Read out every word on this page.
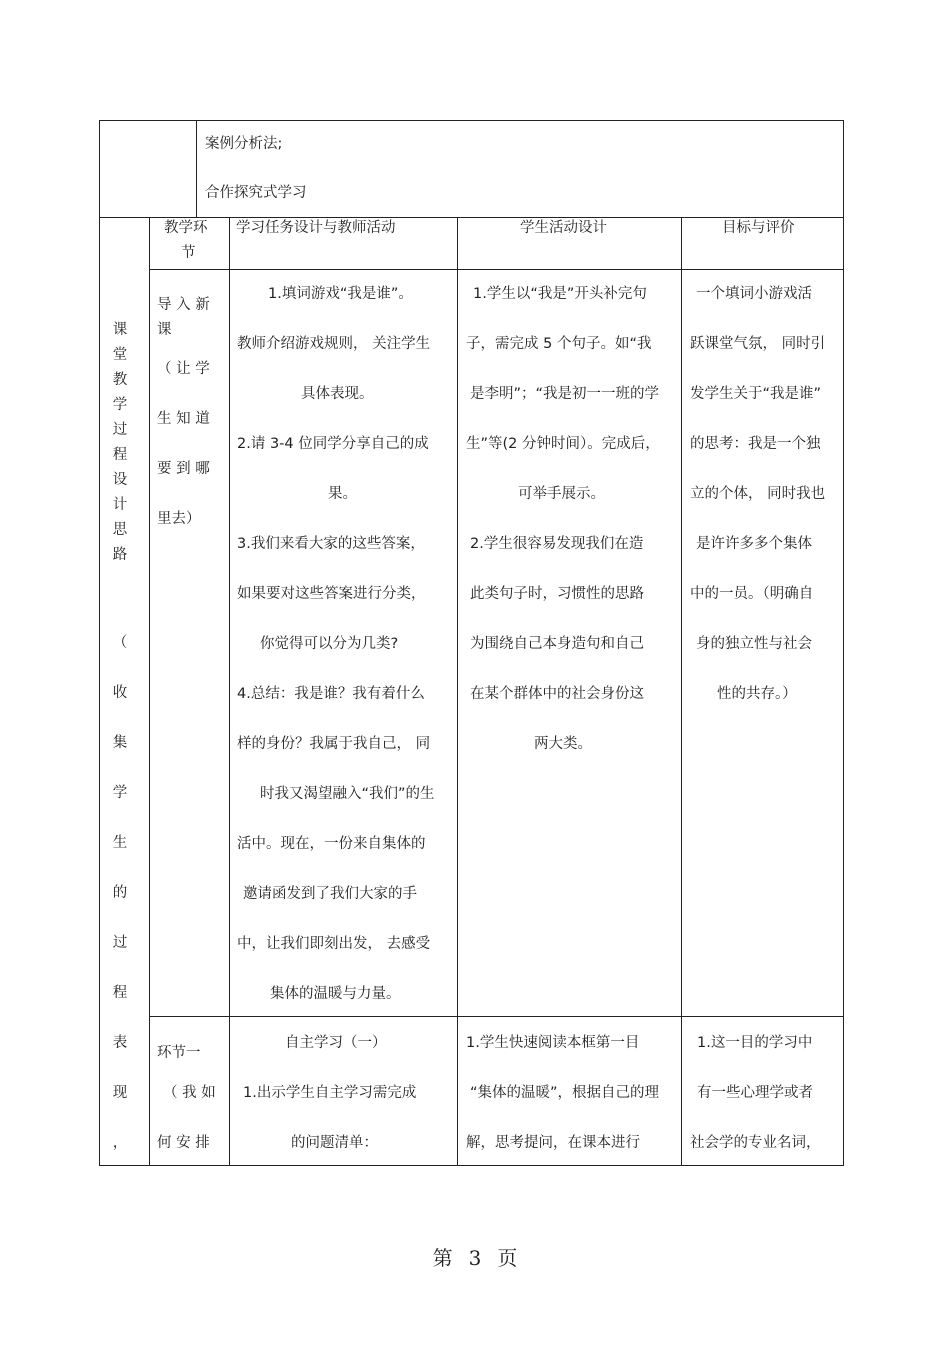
案例分析法;
合作探究式学习
教学环
节
学习任务设计与教师活动	学生活动设计	目标与评价
课
堂
教
学
过
程
设
计
思
路
（
收
集
学
生
的
过
程
表
现
，
导 入 新
课
（ 让 学
生 知 道
要 到 哪
里去）
1.填词游戏“我是谁”。
教师介绍游戏规则， 关注学生
具体表现。
2.请 3-4 位同学分享自己的成
果。
3.我们来看大家的这些答案，
如果要对这些答案进行分类，
你觉得可以分为几类?
4.总结：我是谁？我有着什么
样的身份？我属于我自己， 同
时我又渴望融入“我们”的生
活中。现在，一份来自集体的
邀请函发到了我们大家的手
中，让我们即刻出发， 去感受
集体的温暖与力量。
1.学生以“我是”开头补完句
子，需完成 5 个句子。如“我
是李明”；“我是初一一班的学
生”等(2 分钟时间）。完成后，
可举手展示。
2.学生很容易发现我们在造
此类句子时，习惯性的思路
为围绕自己本身造句和自己
在某个群体中的社会身份这
两大类。
一个填词小游戏活
跃课堂气氛， 同时引
发学生关于“我是谁”
的思考：我是一个独
立的个体， 同时我也
是许许多多个集体
中的一员。（明确自
身的独立性与社会
性的共存。）
环节一
（ 我 如
何 安 排
自主学习（一）
1.出示学生自主学习需完成
的问题清单：
1.学生快速阅读本框第一目
“集体的温暖”，根据自己的理
解，思考提问，在课本进行
1.这一目的学习中
有一些心理学或者
社会学的专业名词，
第 3 页
